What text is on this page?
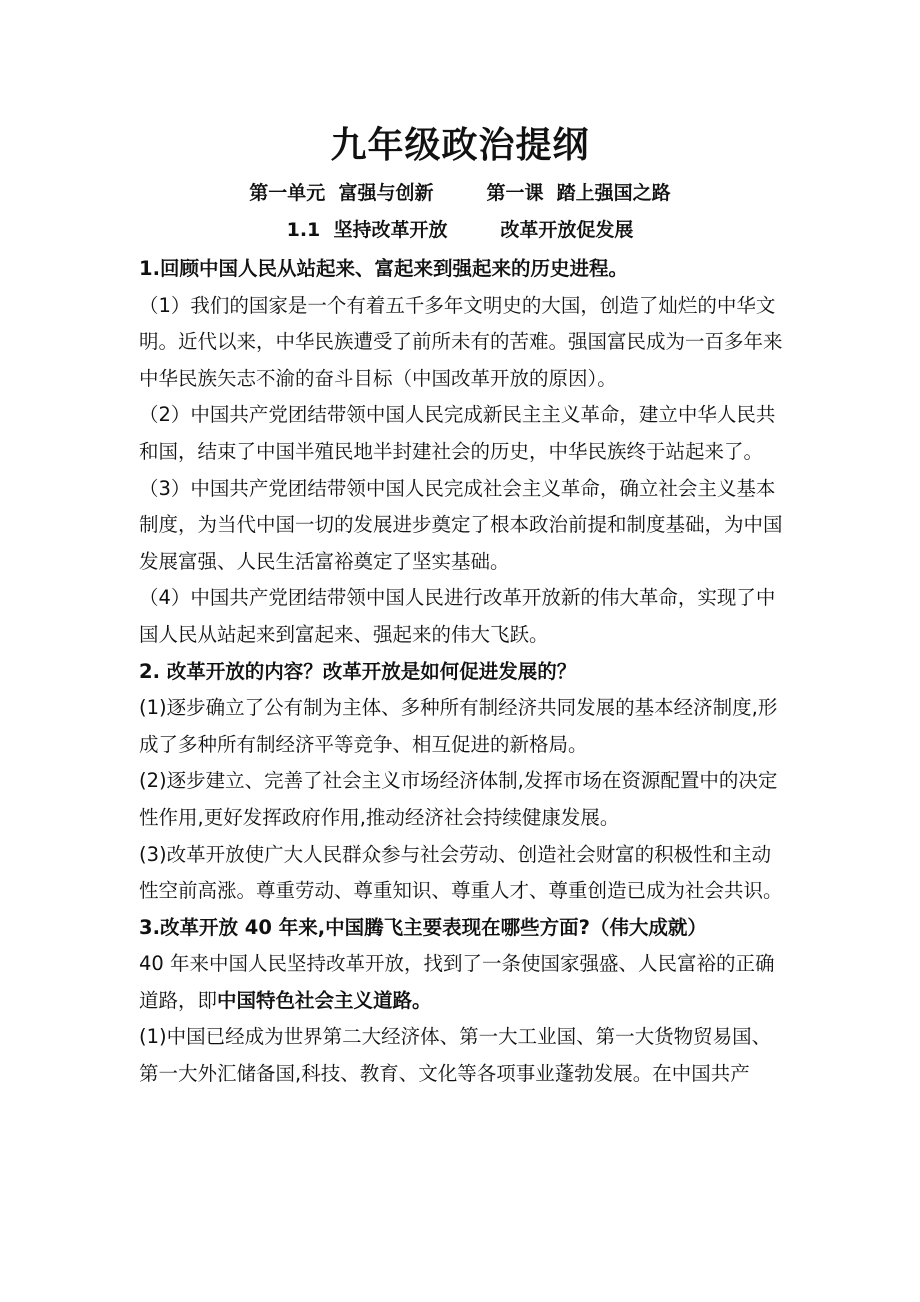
九年级政治提纲
第一单元  富强与创新        第一课  踏上强国之路
1.1  坚持改革开放        改革开放促发展

1.回顾中国人民从站起来、富起来到强起来的历史进程。

（1）我们的国家是一个有着五千多年文明史的大国，创造了灿烂的中华文明。近代以来，中华民族遭受了前所未有的苦难。强国富民成为一百多年来中华民族矢志不渝的奋斗目标（中国改革开放的原因）。

（2）中国共产党团结带领中国人民完成新民主主义革命，建立中华人民共和国，结束了中国半殖民地半封建社会的历史，中华民族终于站起来了。

（3）中国共产党团结带领中国人民完成社会主义革命，确立社会主义基本制度，为当代中国一切的发展进步奠定了根本政治前提和制度基础，为中国发展富强、人民生活富裕奠定了坚实基础。

（4）中国共产党团结带领中国人民进行改革开放新的伟大革命，实现了中国人民从站起来到富起来、强起来的伟大飞跃。

2. 改革开放的内容？改革开放是如何促进发展的？

(1)逐步确立了公有制为主体、多种所有制经济共同发展的基本经济制度,形成了多种所有制经济平等竞争、相互促进的新格局。

(2)逐步建立、完善了社会主义市场经济体制,发挥市场在资源配置中的决定性作用,更好发挥政府作用,推动经济社会持续健康发展。

(3)改革开放使广大人民群众参与社会劳动、创造社会财富的积极性和主动性空前高涨。尊重劳动、尊重知识、尊重人才、尊重创造已成为社会共识。

3.改革开放 40 年来,中国腾飞主要表现在哪些方面?（伟大成就）

40 年来中国人民坚持改革开放，找到了一条使国家强盛、人民富裕的正确道路，即中国特色社会主义道路。

(1)中国已经成为世界第二大经济体、第一大工业国、第一大货物贸易国、第一大外汇储备国,科技、教育、文化等各项事业蓬勃发展。在中国共产
